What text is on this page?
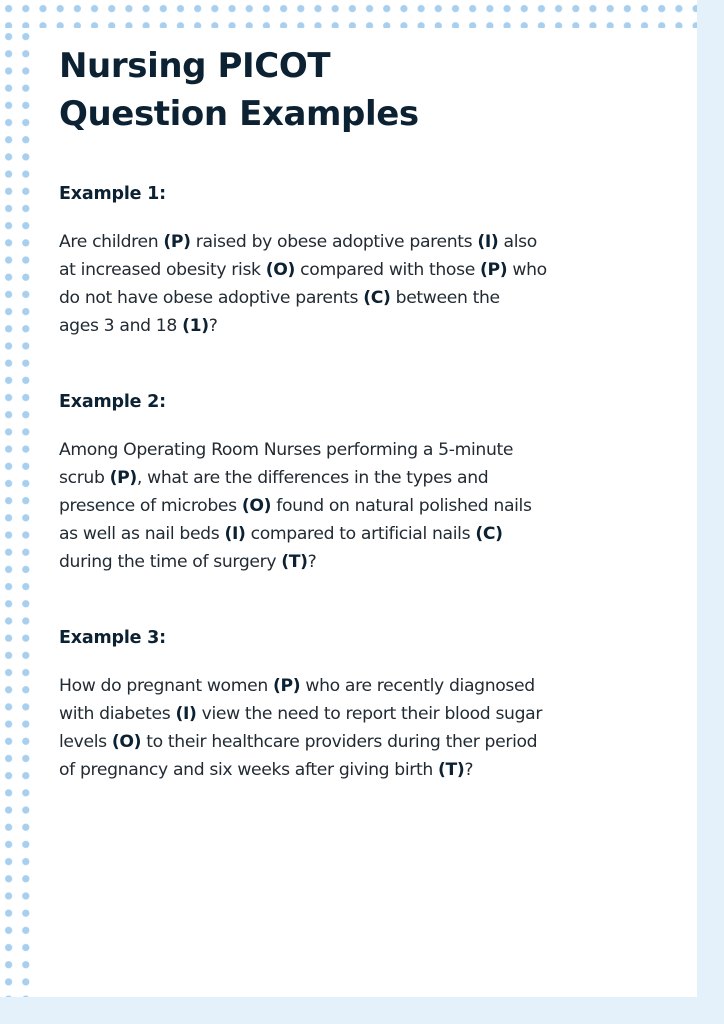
Nursing PICOT
Question Examples
Example 1:

Are children (P) raised by obese adoptive parents (I) also
at increased obesity risk (O) compared with those (P) who
do not have obese adoptive parents (C) between the
ages 3 and 18 (1)?

Example 2:

Among Operating Room Nurses performing a 5-minute
scrub (P), what are the differences in the types and
presence of microbes (O) found on natural polished nails
as well as nail beds (I) compared to artificial nails (C)
during the time of surgery (T)?

Example 3:

How do pregnant women (P) who are recently diagnosed
with diabetes (I) view the need to report their blood sugar
levels (O) to their healthcare providers during ther period
of pregnancy and six weeks after giving birth (T)?
